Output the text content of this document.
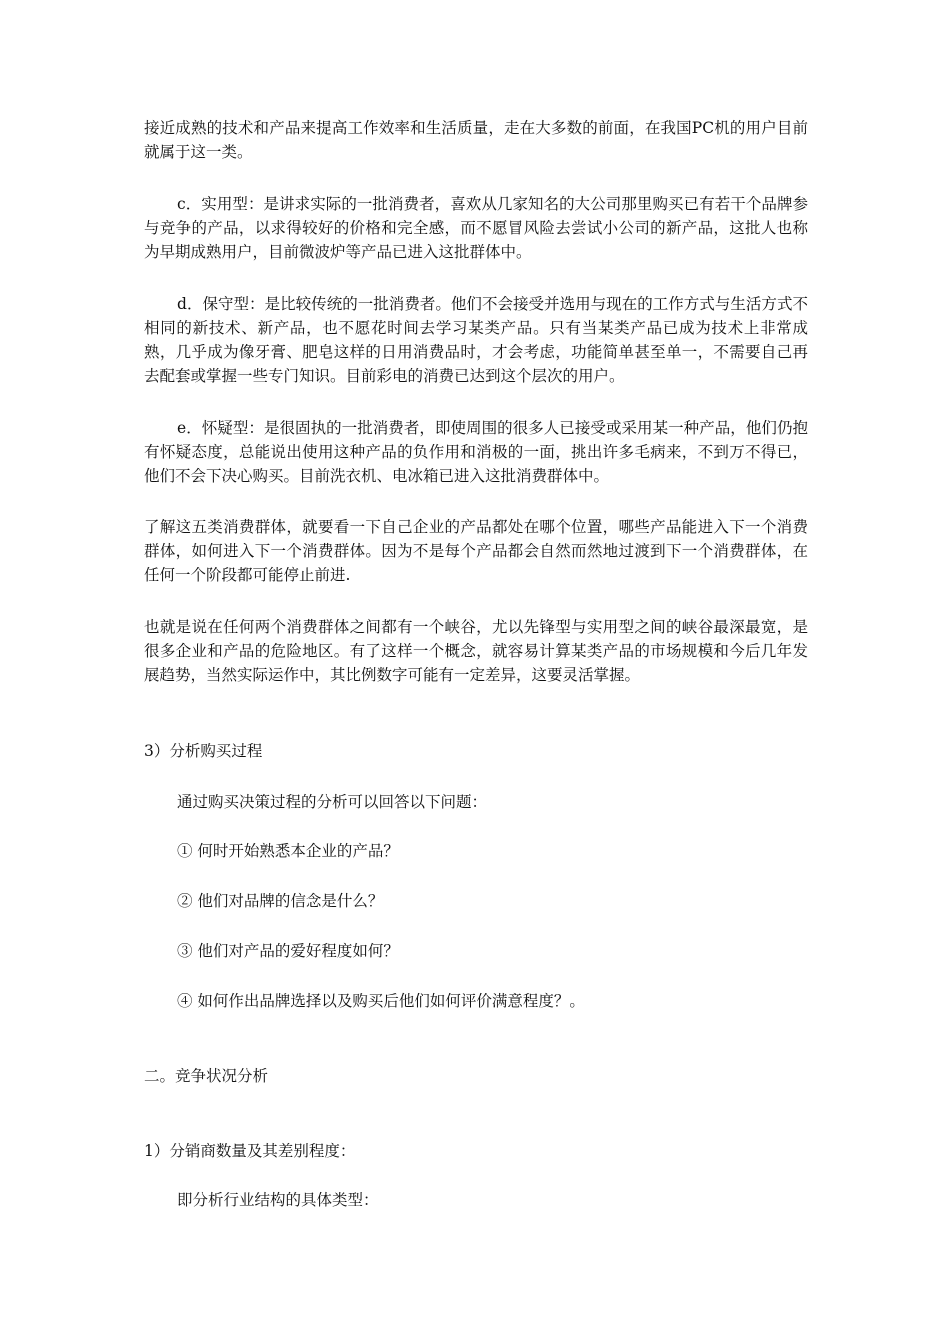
接近成熟的技术和产品来提高工作效率和生活质量，走在大多数的前面，在我国PC机的用户目前就属于这一类。

c．实用型：是讲求实际的一批消费者，喜欢从几家知名的大公司那里购买已有若干个品牌参与竞争的产品，以求得较好的价格和完全感，而不愿冒风险去尝试小公司的新产品，这批人也称为早期成熟用户，目前微波炉等产品已进入这批群体中。

d．保守型：是比较传统的一批消费者。他们不会接受并选用与现在的工作方式与生活方式不相同的新技术、新产品，也不愿花时间去学习某类产品。只有当某类产品已成为技术上非常成熟，几乎成为像牙膏、肥皂这样的日用消费品时，才会考虑，功能简单甚至单一，不需要自己再去配套或掌握一些专门知识。目前彩电的消费已达到这个层次的用户。

e．怀疑型：是很固执的一批消费者，即使周围的很多人已接受或采用某一种产品，他们仍抱有怀疑态度，总能说出使用这种产品的负作用和消极的一面，挑出许多毛病来，不到万不得已，他们不会下决心购买。目前洗衣机、电冰箱已进入这批消费群体中。

了解这五类消费群体，就要看一下自己企业的产品都处在哪个位置，哪些产品能进入下一个消费群体，如何进入下一个消费群体。因为不是每个产品都会自然而然地过渡到下一个消费群体，在任何一个阶段都可能停止前进.

也就是说在任何两个消费群体之间都有一个峡谷，尤以先锋型与实用型之间的峡谷最深最宽，是很多企业和产品的危险地区。有了这样一个概念，就容易计算某类产品的市场规模和今后几年发展趋势，当然实际运作中，其比例数字可能有一定差异，这要灵活掌握。

3）分析购买过程

通过购买决策过程的分析可以回答以下问题：

① 何时开始熟悉本企业的产品？

② 他们对品牌的信念是什么？

③ 他们对产品的爱好程度如何？

④ 如何作出品牌选择以及购买后他们如何评价满意程度？。

二。竞争状况分析

1）分销商数量及其差别程度：

即分析行业结构的具体类型：
